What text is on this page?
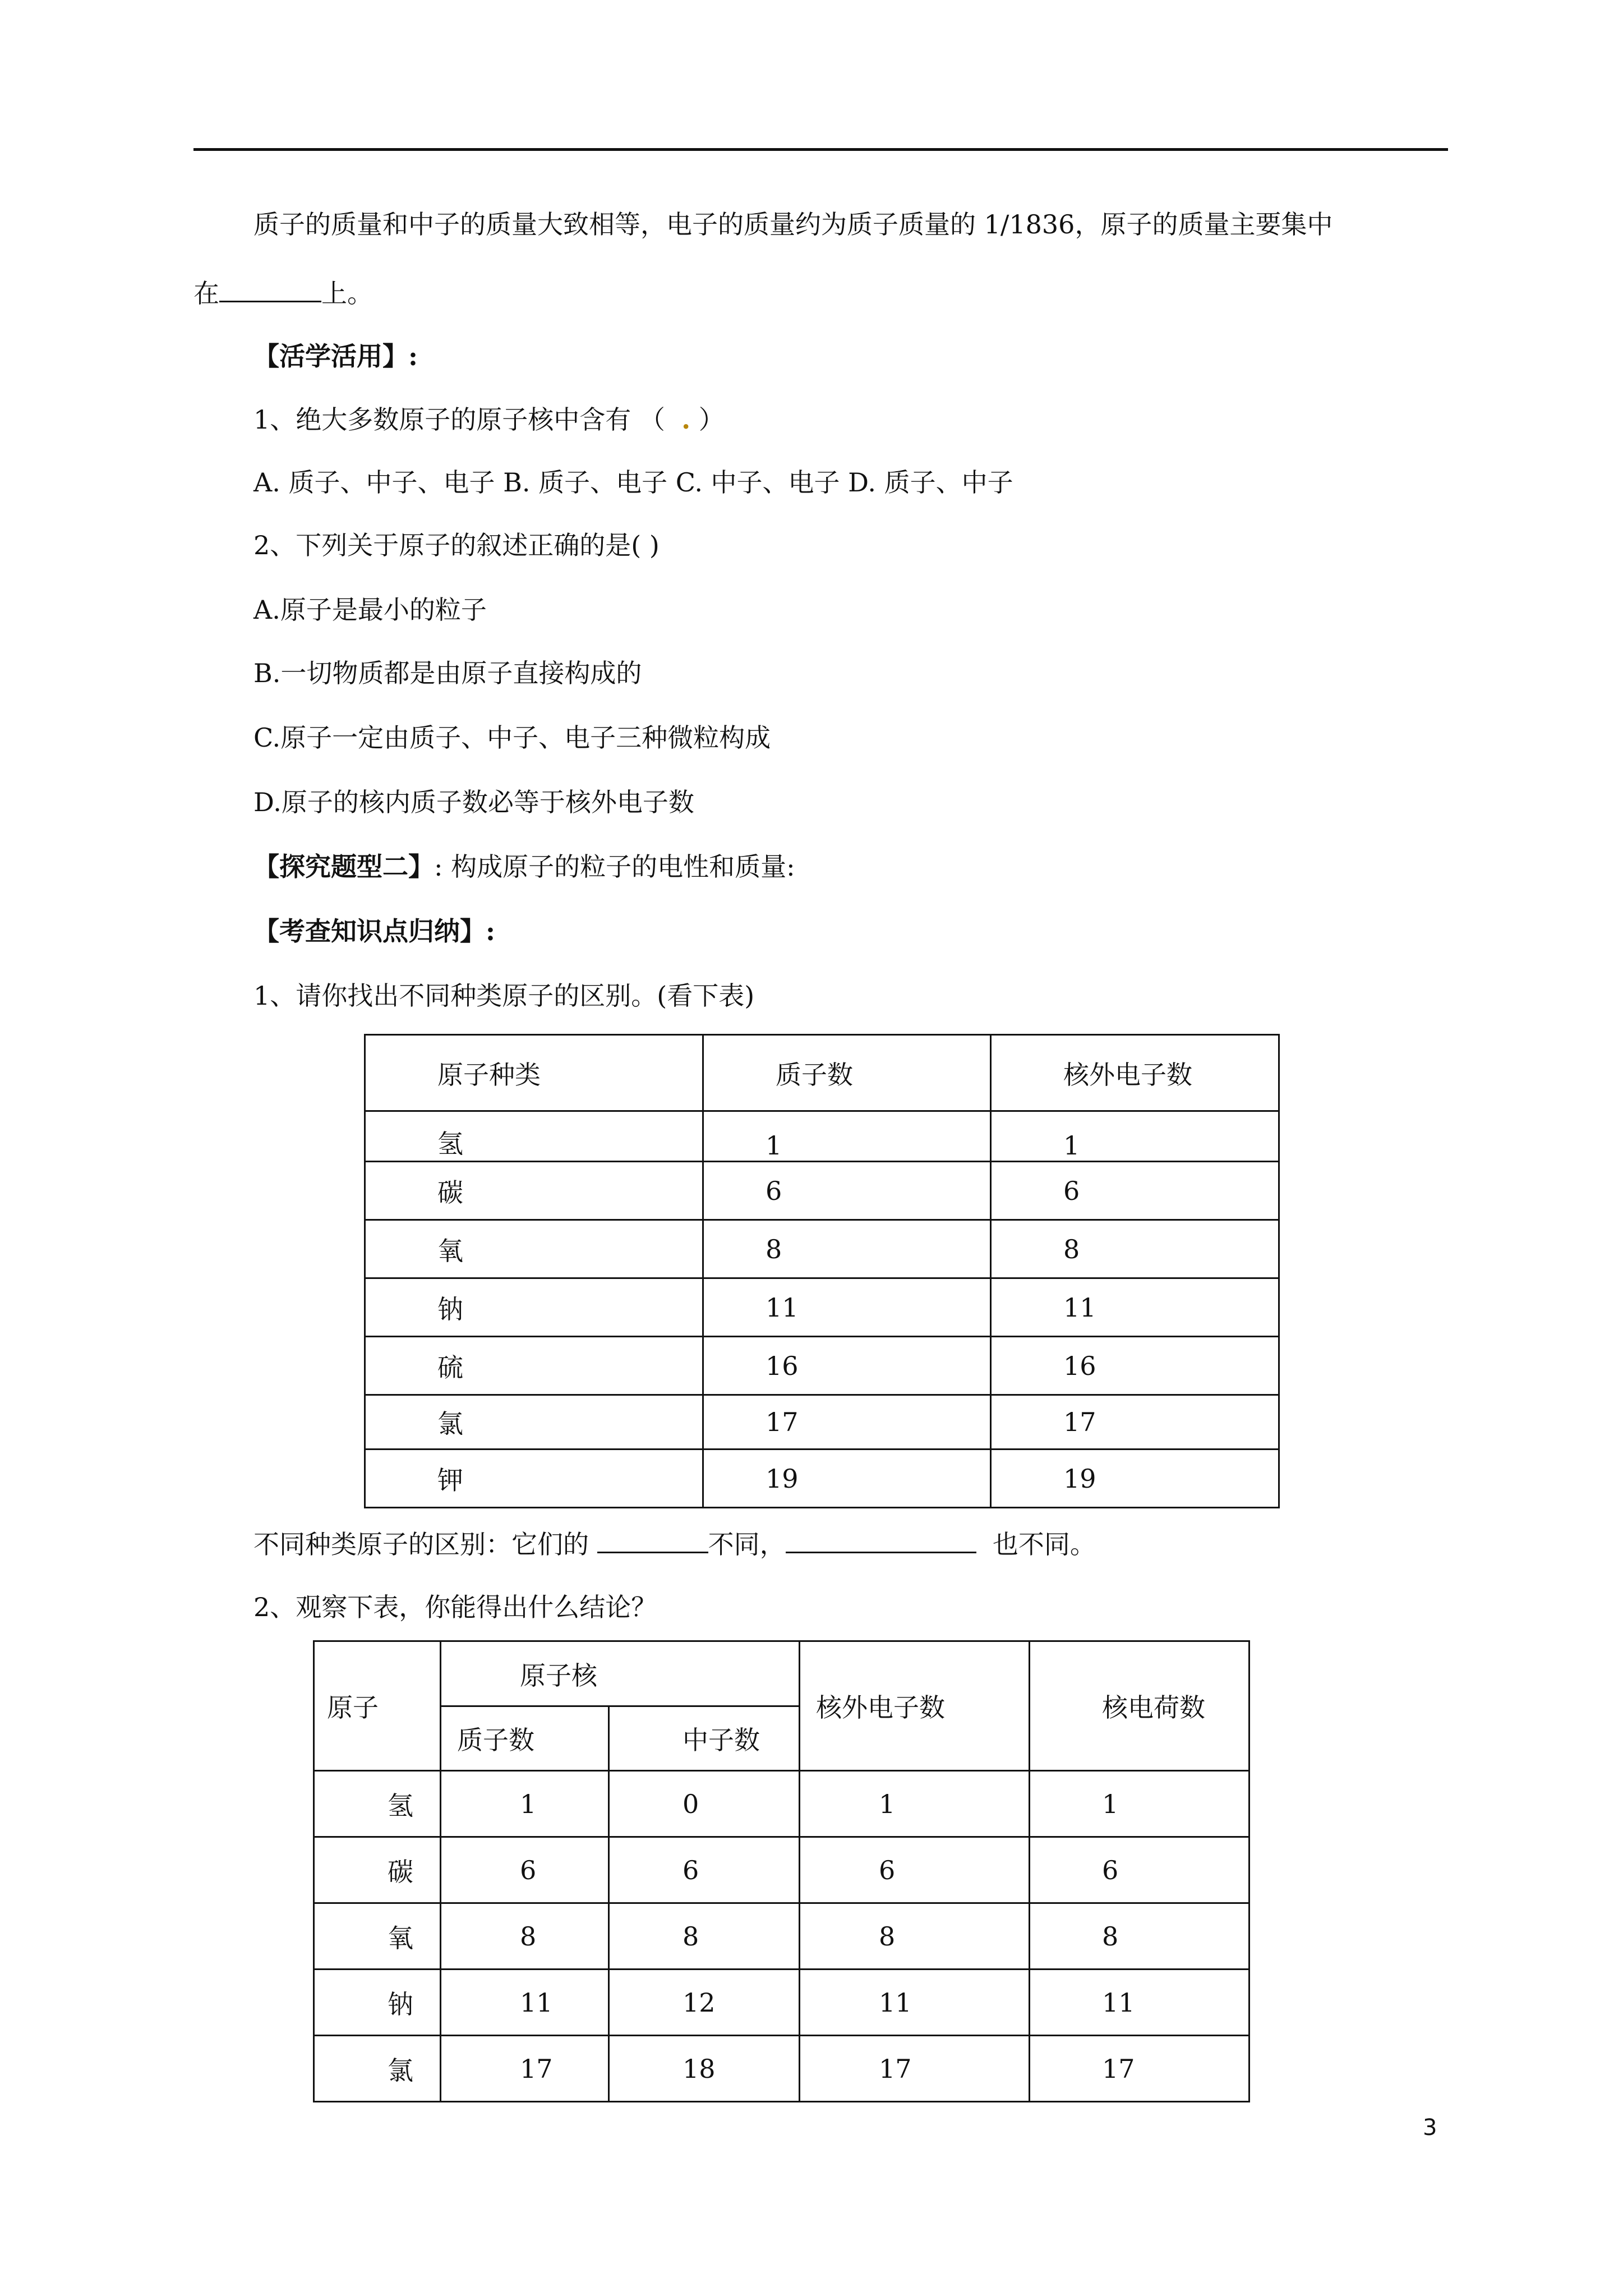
质子的质量和中子的质量大致相等，电子的质量约为质子质量的 1/1836，原子的质量主要集中
在	上。
【活学活用】:
1、绝大多数原子的原子核中含有 （ . ）
A. 质子、中子、电子 B. 质子、电子 C. 中子、电子 D. 质子、中子
2、下列关于原子的叙述正确的是( )
A.原子是最小的粒子
B.一切物质都是由原子直接构成的
C.原子一定由质子、中子、电子三种微粒构成
D.原子的核内质子数必等于核外电子数
【探究题型二】: 构成原子的粒子的电性和质量:
【考查知识点归纳】:
1、请你找出不同种类原子的区别。(看下表)
原子种类	质子数	核外电子数
氢	1	1
碳	6	6
氧	8	8
钠	11	11
硫	16	16
氯	17	17
钾	19	19
不同种类原子的区别：它们的	不同，	也不同。
2、观察下表，你能得出什么结论？
原子	原子核		核外电子数	核电荷数
	质子数	中子数		
氢	1	0	1	1
碳	6	6	6	6
氧	8	8	8	8
钠	11	12	11	11
氯	17	18	17	17
3
